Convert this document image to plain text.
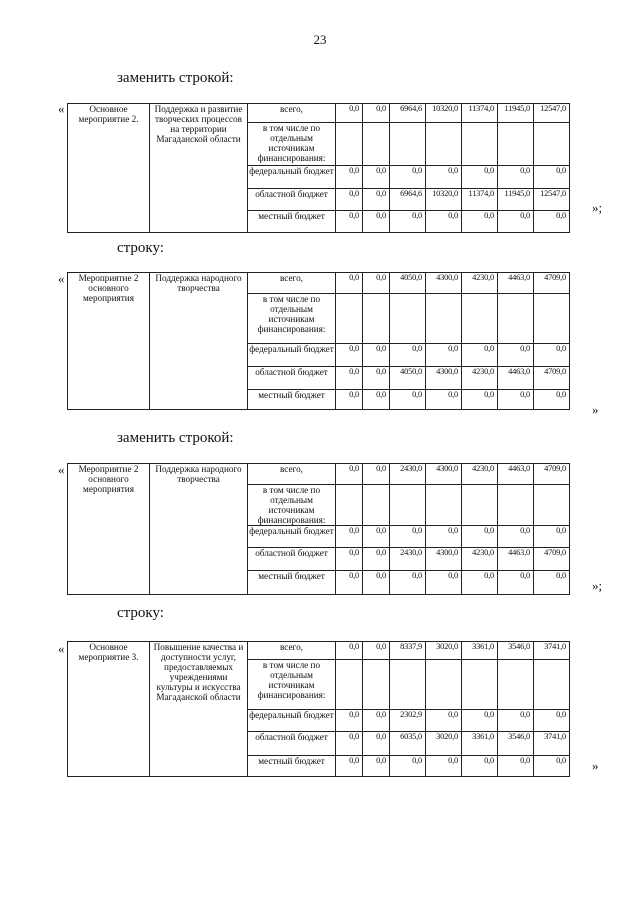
23
заменить строкой:
«	Основное мероприятие 2.	Поддержка и развитие творческих процессов на территории Магаданской области	всего,	0,0	0,0	6964,6	10320,0	11374,0	11945,0	12547,0
		в том числе по отдельным источникам финансирования:							
		федеральный бюджет	0,0	0,0	0,0	0,0	0,0	0,0	0,0
		областной бюджет	0,0	0,0	6964,6	10320,0	11374,0	11945,0	12547,0
		местный бюджет	0,0	0,0	0,0	0,0	0,0	0,0	0,0
»;
строку:
« Мероприятие 2 основного мероприятия	Поддержка народного творчества	всего,	0,0	0,0	4050,0	4300,0	4230,0	4463,0	4709,0
		в том числе по отдельным источникам финансирования:							
		федеральный бюджет	0,0	0,0	0,0	0,0	0,0	0,0	0,0
		областной бюджет	0,0	0,0	4050,0	4300,0	4230,0	4463,0	4709,0
		местный бюджет	0,0	0,0	0,0	0,0	0,0	0,0	0,0
»
заменить строкой:
« Мероприятие 2 основного мероприятия	Поддержка народного творчества	всего,	0,0	0,0	2430,0	4300,0	4230,0	4463,0	4709,0
		в том числе по отдельным источникам финансирования:							
		федеральный бюджет	0,0	0,0	0,0	0,0	0,0	0,0	0,0
		областной бюджет	0,0	0,0	2430,0	4300,0	4230,0	4463,0	4709,0
		местный бюджет	0,0	0,0	0,0	0,0	0,0	0,0	0,0
»;
строку:
«	Основное мероприятие 3.	Повышение качества и доступности услуг, предоставляемых учреждениями культуры и искусства Магаданской области	всего,	0,0	0,0	8337,9	3020,0	3361,0	3546,0	3741,0
		в том числе по отдельным источникам финансирования:							
		федеральный бюджет	0,0	0,0	2302,9	0,0	0,0	0,0	0,0
		областной бюджет	0,0	0,0	6035,0	3020,0	3361,0	3546,0	3741,0
		местный бюджет	0,0	0,0	0,0	0,0	0,0	0,0	0,0 »
